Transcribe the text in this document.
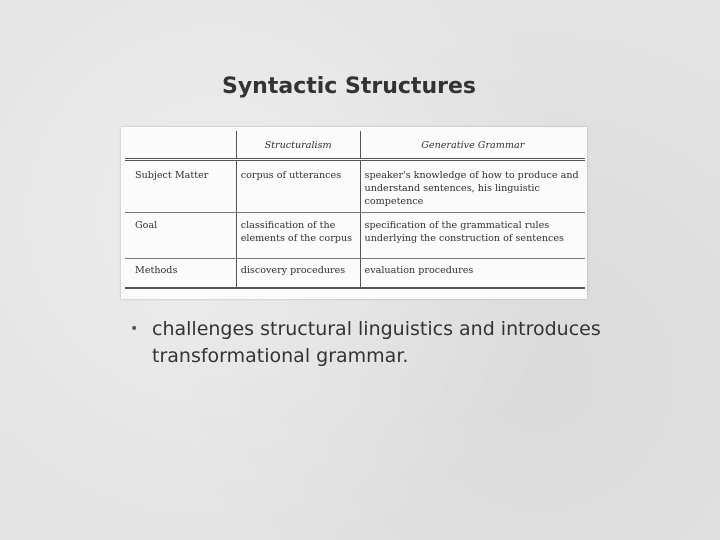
Syntactic Structures
	Structuralism	Generative Grammar
Subject Matter	corpus of utterances	speaker's knowledge of how to produce and understand sentences, his linguistic competence
Goal	classification of the elements of the corpus	specification of the grammatical rules underlying the construction of sentences
Methods	discovery procedures	evaluation procedures
• challenges structural linguistics and introduces transformational grammar.
